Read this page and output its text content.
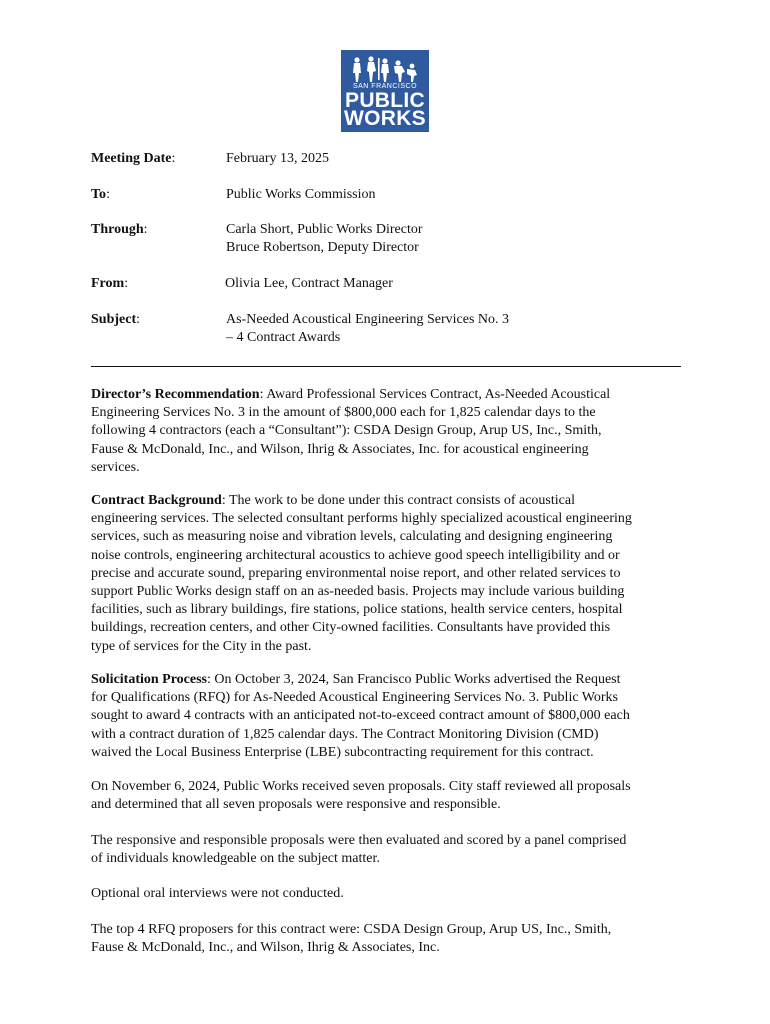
SAN FRANCISCO
PUBLIC
WORKS
Meeting Date:	February 13, 2025
To:	Public Works Commission
Through:	Carla Short, Public Works Director
Bruce Robertson, Deputy Director
From:	Olivia Lee, Contract Manager
Subject:	As-Needed Acoustical Engineering Services No. 3
– 4 Contract Awards
Director’s Recommendation: Award Professional Services Contract, As-Needed Acoustical
Engineering Services No. 3 in the amount of $800,000 each for 1,825 calendar days to the
following 4 contractors (each a “Consultant”): CSDA Design Group, Arup US, Inc., Smith,
Fause & McDonald, Inc., and Wilson, Ihrig & Associates, Inc. for acoustical engineering
services.
Contract Background: The work to be done under this contract consists of acoustical
engineering services. The selected consultant performs highly specialized acoustical engineering
services, such as measuring noise and vibration levels, calculating and designing engineering
noise controls, engineering architectural acoustics to achieve good speech intelligibility and or
precise and accurate sound, preparing environmental noise report, and other related services to
support Public Works design staff on an as-needed basis. Projects may include various building
facilities, such as library buildings, fire stations, police stations, health service centers, hospital
buildings, recreation centers, and other City-owned facilities. Consultants have provided this
type of services for the City in the past.
Solicitation Process: On October 3, 2024, San Francisco Public Works advertised the Request
for Qualifications (RFQ) for As-Needed Acoustical Engineering Services No. 3. Public Works
sought to award 4 contracts with an anticipated not-to-exceed contract amount of $800,000 each
with a contract duration of 1,825 calendar days. The Contract Monitoring Division (CMD)
waived the Local Business Enterprise (LBE) subcontracting requirement for this contract.
On November 6, 2024, Public Works received seven proposals. City staff reviewed all proposals
and determined that all seven proposals were responsive and responsible.
The responsive and responsible proposals were then evaluated and scored by a panel comprised
of individuals knowledgeable on the subject matter.
Optional oral interviews were not conducted.
The top 4 RFQ proposers for this contract were: CSDA Design Group, Arup US, Inc., Smith,
Fause & McDonald, Inc., and Wilson, Ihrig & Associates, Inc.
